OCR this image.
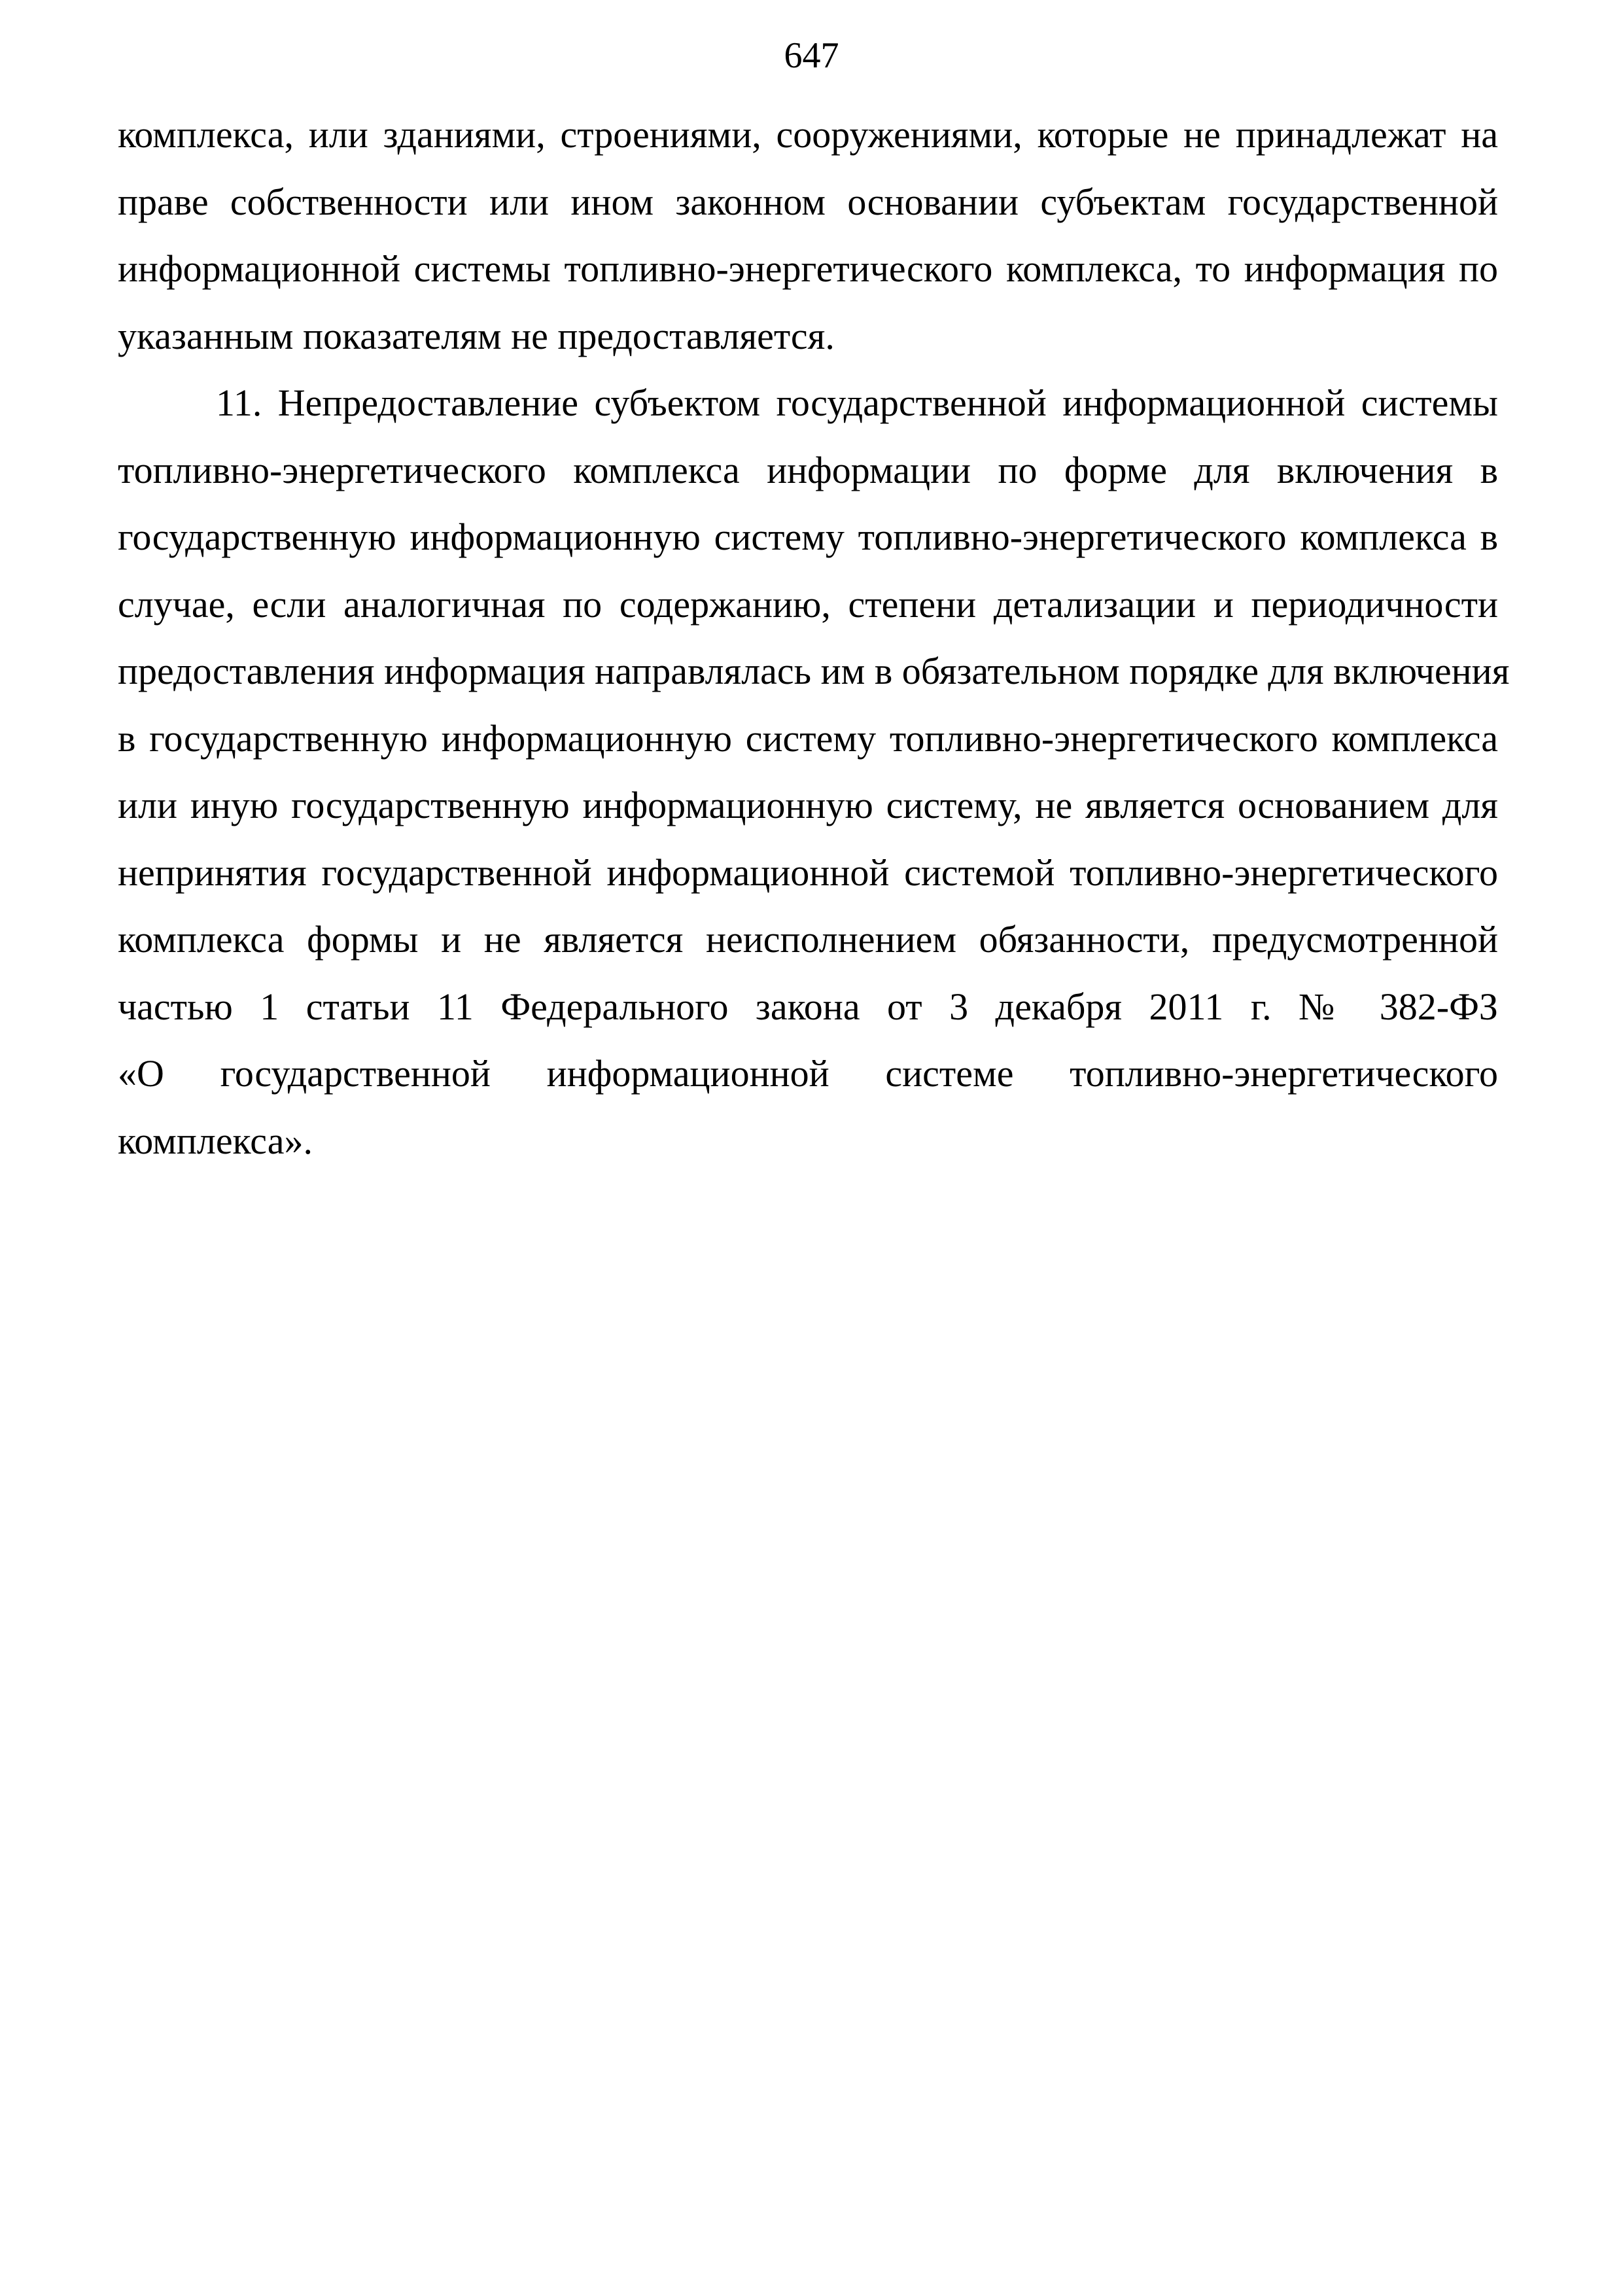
647
комплекса, или зданиями, строениями, сооружениями, которые не принадлежат на
праве собственности или ином законном основании субъектам государственной
информационной системы топливно-энергетического комплекса, то информация по
указанным показателям не предоставляется.
11. Непредоставление субъектом государственной информационной системы
топливно-энергетического комплекса информации по форме для включения в
государственную информационную систему топливно-энергетического комплекса в
случае, если аналогичная по содержанию, степени детализации и периодичности
предоставления информация направлялась им в обязательном порядке для включения
в государственную информационную систему топливно-энергетического комплекса
или иную государственную информационную систему, не является основанием для
непринятия государственной информационной системой топливно-энергетического
комплекса формы и не является неисполнением обязанности, предусмотренной
частью 1 статьи 11 Федерального закона от 3 декабря 2011 г. № 382-ФЗ
«О государственной информационной системе топливно-энергетического
комплекса».
